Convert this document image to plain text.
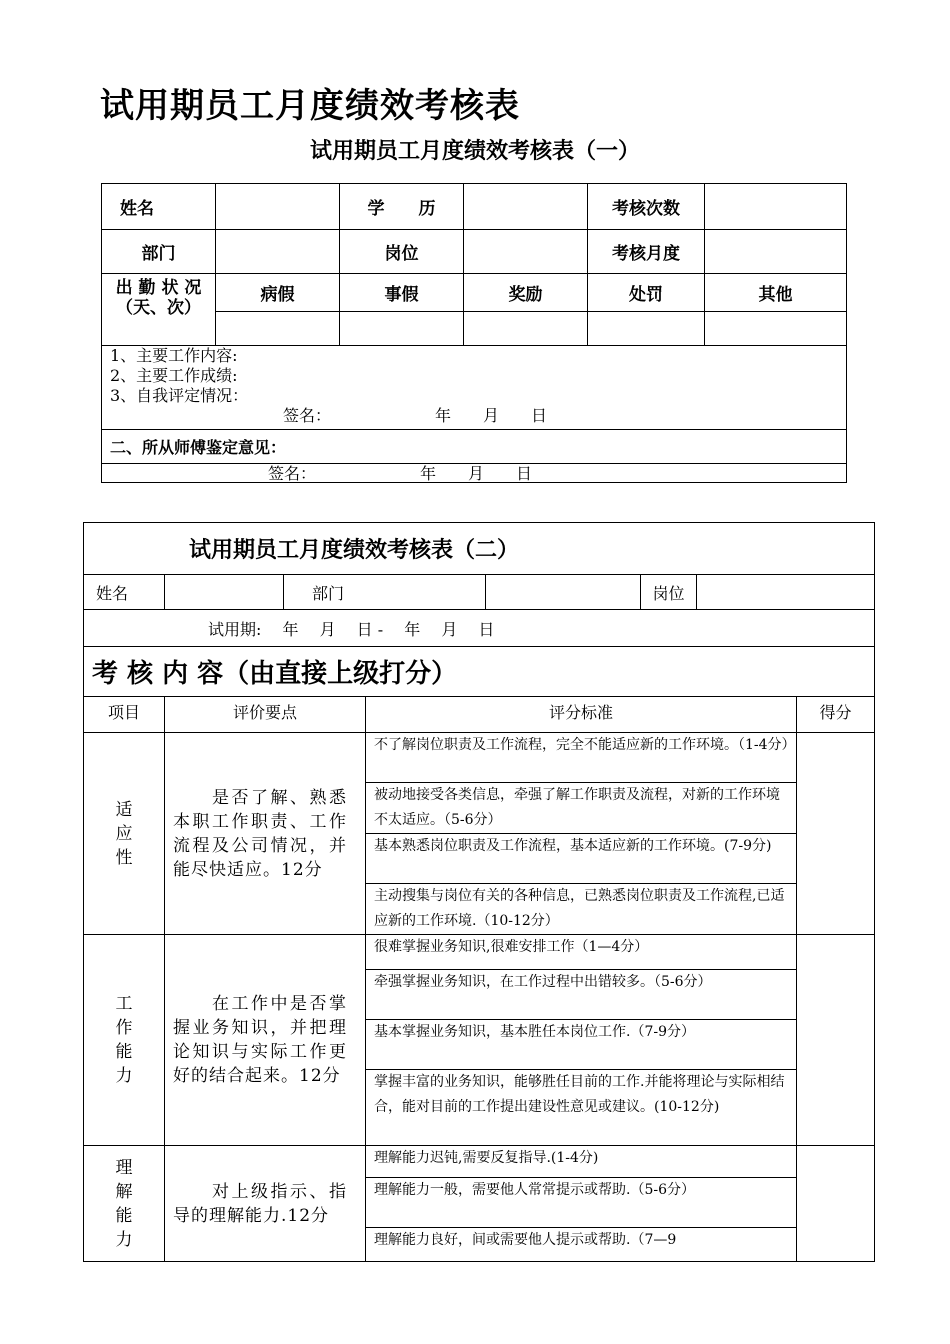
试用期员工月度绩效考核表
试用期员工月度绩效考核表（一）
姓名		学　　历		考核次数	
部门		岗位		考核月度	

出 勤 状 况
（天、次）	病假	事假	奖励	处罚	其他

1、主要工作内容:
2、主要工作成绩:
3、自我评定情况：
签名：　　　　　　　年　　月　　日					

二、所从师傅鉴定意见：					
签名：　　　　　　　年　　月　　日					
试用期员工月度绩效考核表（二）							
姓名		部门			岗位		
试用期:　 年　 月　 日 -　 年　 月　 日							
考 核 内 容（由直接上级打分）							
项目	评价要点		评分标准				得分

适
应
性	　　是否了解、熟悉本职工作职责、工作流程及公司情况，并能尽快适应。12分		不了解岗位职责及工作流程，完全不能适应新的工作环境。（1-4分）				
			被动地接受各类信息，牵强了解工作职责及流程，对新的工作环境不太适应。（5-6分）				
			基本熟悉岗位职责及工作流程，基本适应新的工作环境。(7-9分)				
			主动搜集与岗位有关的各种信息，已熟悉岗位职责及工作流程,已适应新的工作环境.（10-12分）				

工
作
能
力	　　在工作中是否掌握业务知识，并把理论知识与实际工作更好的结合起来。12分		很难掌握业务知识,很难安排工作（1—4分）				
			牵强掌握业务知识，在工作过程中出错较多。（5-6分）				
			基本掌握业务知识，基本胜任本岗位工作.（7-9分）				
			掌握丰富的业务知识，能够胜任目前的工作.并能将理论与实际相结合，能对目前的工作提出建设性意见或建议。(10-12分)				

理
解
能
力	　　对上级指示、指导的理解能力.12分		理解能力迟钝,需要反复指导.(1-4分)				
			理解能力一般，需要他人常常提示或帮助.（5-6分）				
			理解能力良好，间或需要他人提示或帮助.（7—9				
